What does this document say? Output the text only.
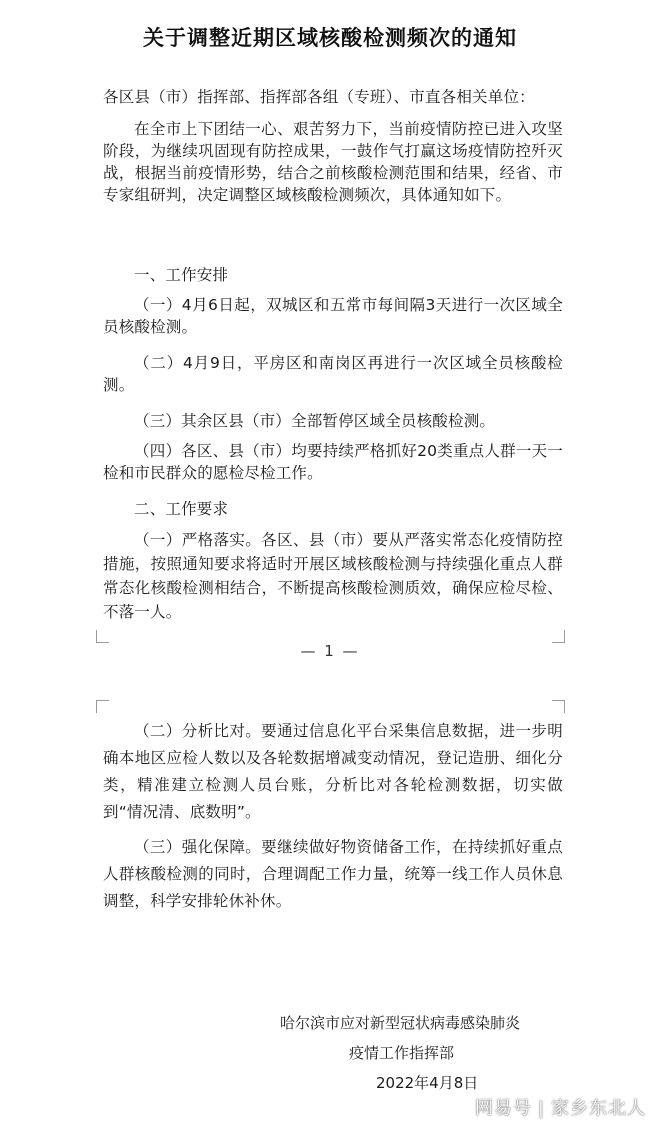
关于调整近期区域核酸检测频次的通知
各区县（市）指挥部、指挥部各组（专班）、市直各相关单位：
在全市上下团结一心、艰苦努力下，当前疫情防控已进入攻坚阶段，为继续巩固现有防控成果，一鼓作气打赢这场疫情防控歼灭战，根据当前疫情形势，结合之前核酸检测范围和结果，经省、市专家组研判，决定调整区域核酸检测频次，具体通知如下。
一、工作安排
（一）4月6日起，双城区和五常市每间隔3天进行一次区域全员核酸检测。
（二）4月9日，平房区和南岗区再进行一次区域全员核酸检测。
（三）其余区县（市）全部暂停区域全员核酸检测。
（四）各区、县（市）均要持续严格抓好20类重点人群一天一检和市民群众的愿检尽检工作。
二、工作要求
（一）严格落实。各区、县（市）要从严落实常态化疫情防控措施，按照通知要求将适时开展区域核酸检测与持续强化重点人群常态化核酸检测相结合，不断提高核酸检测质效，确保应检尽检、不落一人。
— 1 —
（二）分析比对。要通过信息化平台采集信息数据，进一步明确本地区应检人数以及各轮数据增减变动情况，登记造册、细化分类，精准建立检测人员台账，分析比对各轮检测数据，切实做到“情况清、底数明”。
（三）强化保障。要继续做好物资储备工作，在持续抓好重点人群核酸检测的同时，合理调配工作力量，统筹一线工作人员休息调整，科学安排轮休补休。
哈尔滨市应对新型冠状病毒感染肺炎
疫情工作指挥部
2022年4月8日
网易号 | 家乡东北人
